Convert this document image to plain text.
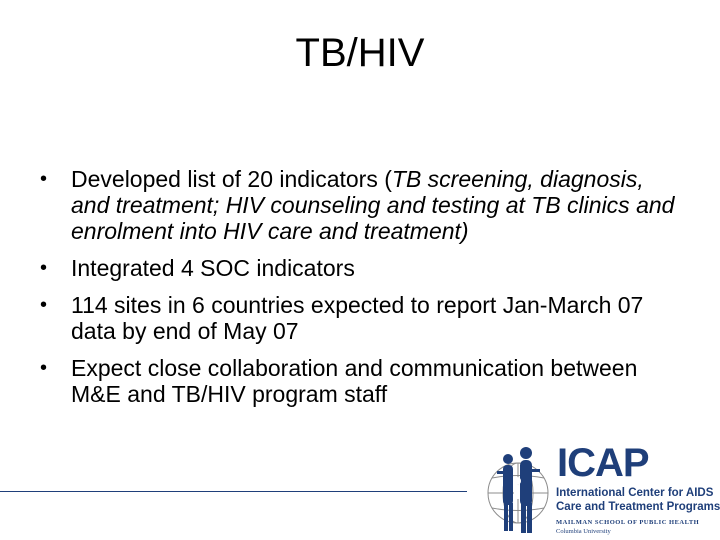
TB/HIV
• Developed list of 20 indicators (TB screening, diagnosis, and treatment; HIV counseling and testing at TB clinics and enrolment into HIV care and treatment)
• Integrated 4 SOC indicators
• 114 sites in 6 countries expected to report Jan-March 07 data by end of May 07
• Expect close collaboration and communication between M&E and TB/HIV program staff
ICAP
International Center for AIDS
Care and Treatment Programs
MAILMAN SCHOOL OF PUBLIC HEALTH
Columbia University
